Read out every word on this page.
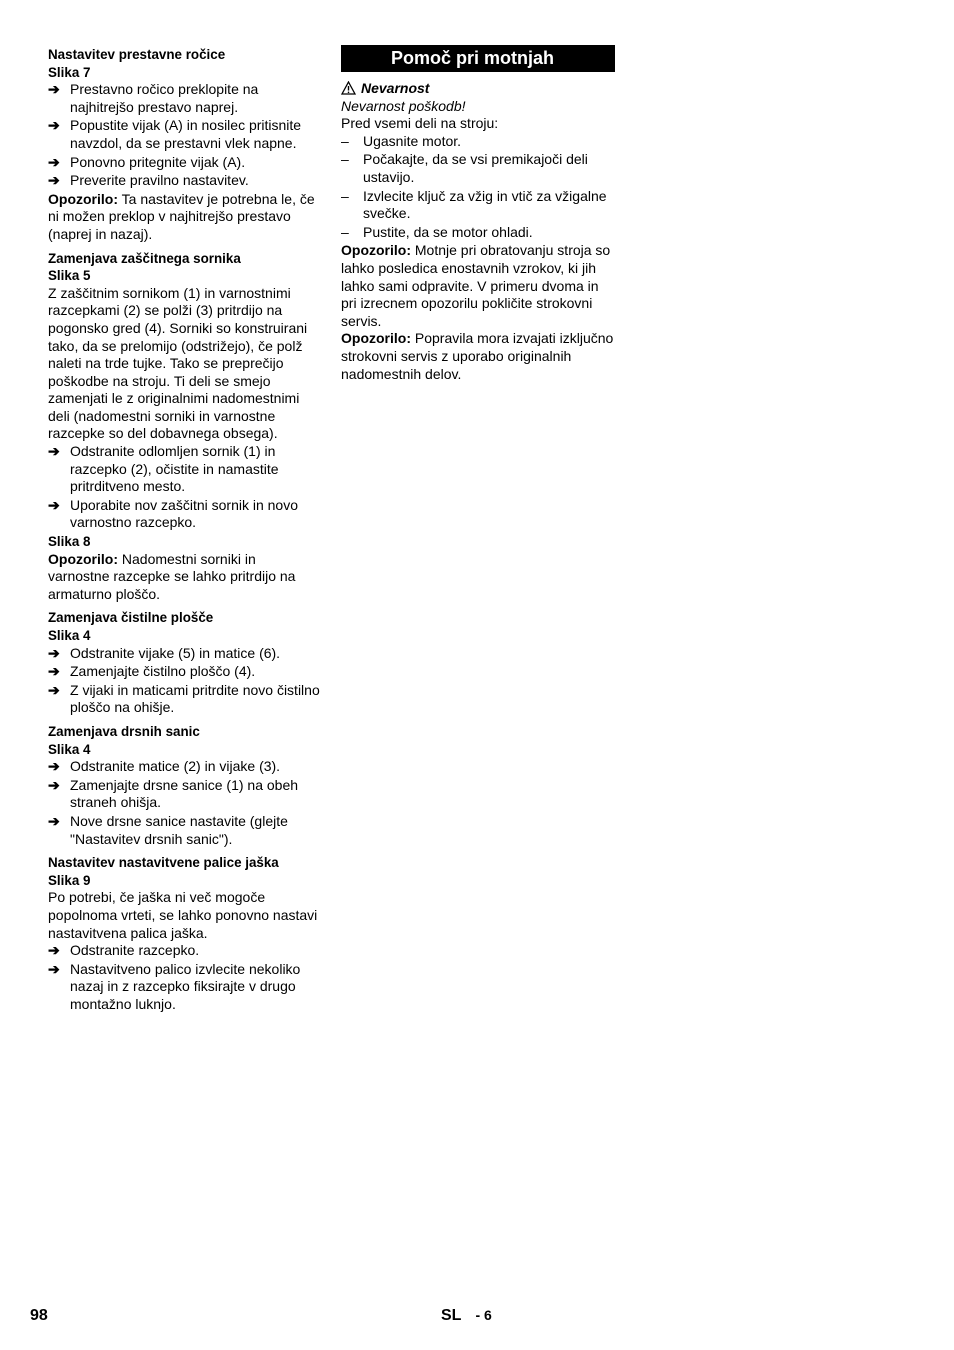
Nastavitev prestavne ročice
Slika 7
➔ Prestavno ročico preklopite na najhitrejšo prestavo naprej.
➔ Popustite vijak (A) in nosilec pritisnite navzdol, da se prestavni vlek napne.
➔ Ponovno pritegnite vijak (A).
➔ Preverite pravilno nastavitev.
Opozorilo: Ta nastavitev je potrebna le, če ni možen preklop v najhitrejšo prestavo (naprej in nazaj).
Zamenjava zaščitnega sornika
Slika 5
Z zaščitnim sornikom (1) in varnostnimi razcepkami (2) se polži (3) pritrdijo na pogonsko gred (4). Sorniki so konstruirani tako, da se prelomijo (odstrižejo), če polž naleti na trde tujke. Tako se preprečijo poškodbe na stroju. Ti deli se smejo zamenjati le z originalnimi nadomestnimi deli (nadomestni sorniki in varnostne razcepke so del dobavnega obsega).
➔ Odstranite odlomljen sornik (1) in razcepko (2), očistite in namastite pritrditveno mesto.
➔ Uporabite nov zaščitni sornik in novo varnostno razcepko.
Slika 8
Opozorilo: Nadomestni sorniki in varnostne razcepke se lahko pritrdijo na armaturno ploščo.
Zamenjava čistilne plošče
Slika 4
➔ Odstranite vijake (5) in matice (6).
➔ Zamenjajte čistilno ploščo (4).
➔ Z vijaki in maticami pritrdite novo čistilno ploščo na ohišje.
Zamenjava drsnih sanic
Slika 4
➔ Odstranite matice (2) in vijake (3).
➔ Zamenjajte drsne sanice (1) na obeh straneh ohišja.
➔ Nove drsne sanice nastavite (glejte "Nastavitev drsnih sanic").
Nastavitev nastavitvene palice jaška
Slika 9
Po potrebi, če jaška ni več mogoče popolnoma vrteti, se lahko ponovno nastavi nastavitvena palica jaška.
➔ Odstranite razcepko.
➔ Nastavitveno palico izvlecite nekoliko nazaj in z razcepko fiksirajte v drugo montažno luknjo.
Pomoč pri motnjah
Nevarnost
Nevarnost poškodb!
Pred vsemi deli na stroju:
– Ugasnite motor.
– Počakajte, da se vsi premikajoči deli ustavijo.
– Izvlecite ključ za vžig in vtič za vžigalne svečke.
– Pustite, da se motor ohladi.
Opozorilo: Motnje pri obratovanju stroja so lahko posledica enostavnih vzrokov, ki jih lahko sami odpravite. V primeru dvoma in pri izrecnem opozorilu pokličite strokovni servis.
Opozorilo: Popravila mora izvajati izključno strokovni servis z uporabo originalnih nadomestnih delov.
98	SL - 6
